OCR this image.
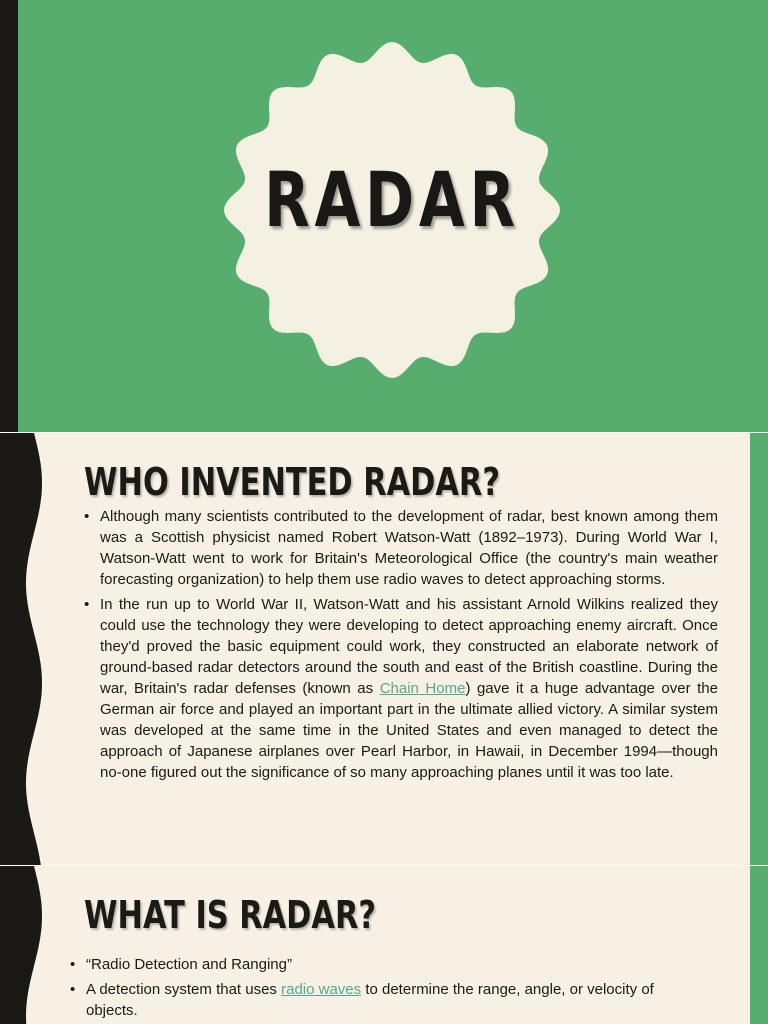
RADAR
WHO INVENTED RADAR?
• Although many scientists contributed to the development of radar, best known among them was a Scottish physicist named Robert Watson-Watt (1892–1973). During World War I, Watson-Watt went to work for Britain's Meteorological Office (the country's main weather forecasting organization) to help them use radio waves to detect approaching storms.
• In the run up to World War II, Watson-Watt and his assistant Arnold Wilkins realized they could use the technology they were developing to detect approaching enemy aircraft. Once they'd proved the basic equipment could work, they constructed an elaborate network of ground-based radar detectors around the south and east of the British coastline. During the war, Britain's radar defenses (known as Chain Home) gave it a huge advantage over the German air force and played an important part in the ultimate allied victory. A similar system was developed at the same time in the United States and even managed to detect the approach of Japanese airplanes over Pearl Harbor, in Hawaii, in December 1994—though no-one figured out the significance of so many approaching planes until it was too late.
WHAT IS RADAR?
• “Radio Detection and Ranging”
• A detection system that uses radio waves to determine the range, angle, or velocity of objects.
